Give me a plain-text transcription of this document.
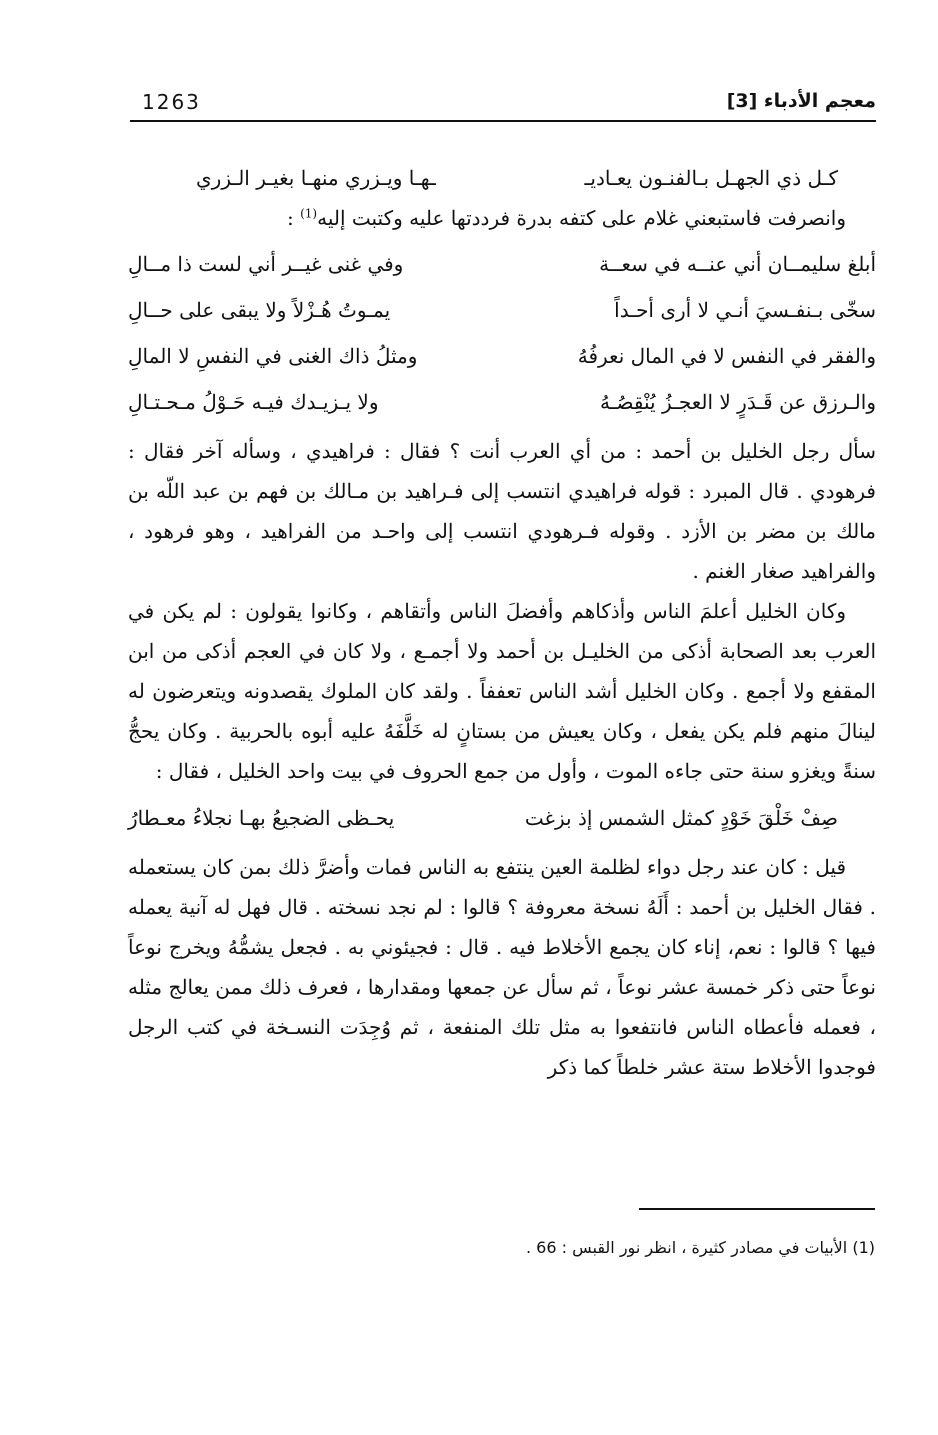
1263	معجم الأدباء [3]
كـل ذي الجهـل بـالفنـون يعـاديـ
ـهـا ويـزري منهـا بغيـر الـزري

وانصرفت فاستبعني غلام على كتفه بدرة فرددتها عليه وكتبت إليه$^{(1)}$ :

أبلغ سليمــان أني عنــه في سعــة
وفي غنى غيــر أني لست ذا مــالِ
سخّى بـنفـسيَ أنـي لا أرى أحـداً
يمـوتُ هُـزْلاً ولا يبقى على حــالِ
والفقر في النفس لا في المال نعرفُهُ
ومثلُ ذاك الغنى في النفسِ لا المالِ
والـرزق عن قَـدَرٍ لا العجـزُ يُنْقِصُـهُ
ولا يـزيـدك فيـه حَـوْلُ مـحـتـالِ

سأل رجل الخليل بن أحمد : من أي العرب أنت ؟ فقال : فراهيدي ، وسأله آخر فقال : فرهودي . قال المبرد : قوله فراهيدي انتسب إلى فـراهيد بن مـالك بن فهم بن عبد اللّه بن مالك بن مضر بن الأزد . وقوله فـرهودي انتسب إلى واحـد من الفراهيد ، وهو فرهود ، والفراهيد صغار الغنم .

وكان الخليل أعلمَ الناس وأذكاهم وأفضلَ الناس وأتقاهم ، وكانوا يقولون : لم يكن في العرب بعد الصحابة أذكى من الخليـل بن أحمد ولا أجمـع ، ولا كان في العجم أذكى من ابن المقفع ولا أجمع . وكان الخليل أشد الناس تعففاً . ولقد كان الملوك يقصدونه ويتعرضون له لينالَ منهم فلم يكن يفعل ، وكان يعيش من بستانٍ له خَلَّفَهُ عليه أبوه بالحربية . وكان يحجُّ سنةً ويغزو سنة حتى جاءه الموت ، وأول من جمع الحروف في بيت واحد الخليل ، فقال :

صِفْ خَلْقَ خَوْدٍ كمثل الشمس إذ بزغت
يحـظى الضجيعُ بهـا نجلاءُ معـطارُ

قيل : كان عند رجل دواء لظلمة العين ينتفع به الناس فمات وأضرَّ ذلك بمن كان يستعمله . فقال الخليل بن أحمد : أَلَهُ نسخة معروفة ؟ قالوا : لم نجد نسخته . قال فهل له آنية يعمله فيها ؟ قالوا : نعم، إناء كان يجمع الأخلاط فيه . قال : فجيئوني به . فجعل يشمُّهُ ويخرج نوعاً نوعاً حتى ذكر خمسة عشر نوعاً ، ثم سأل عن جمعها ومقدارها ، فعرف ذلك ممن يعالج مثله ، فعمله فأعطاه الناس فانتفعوا به مثل تلك المنفعة ، ثم وُجِدَت النسـخة في كتب الرجل فوجدوا الأخلاط ستة عشر خلطاً كما ذكر

(1) الأبيات في مصادر كثيرة ، انظر نور القبس : 66 .
